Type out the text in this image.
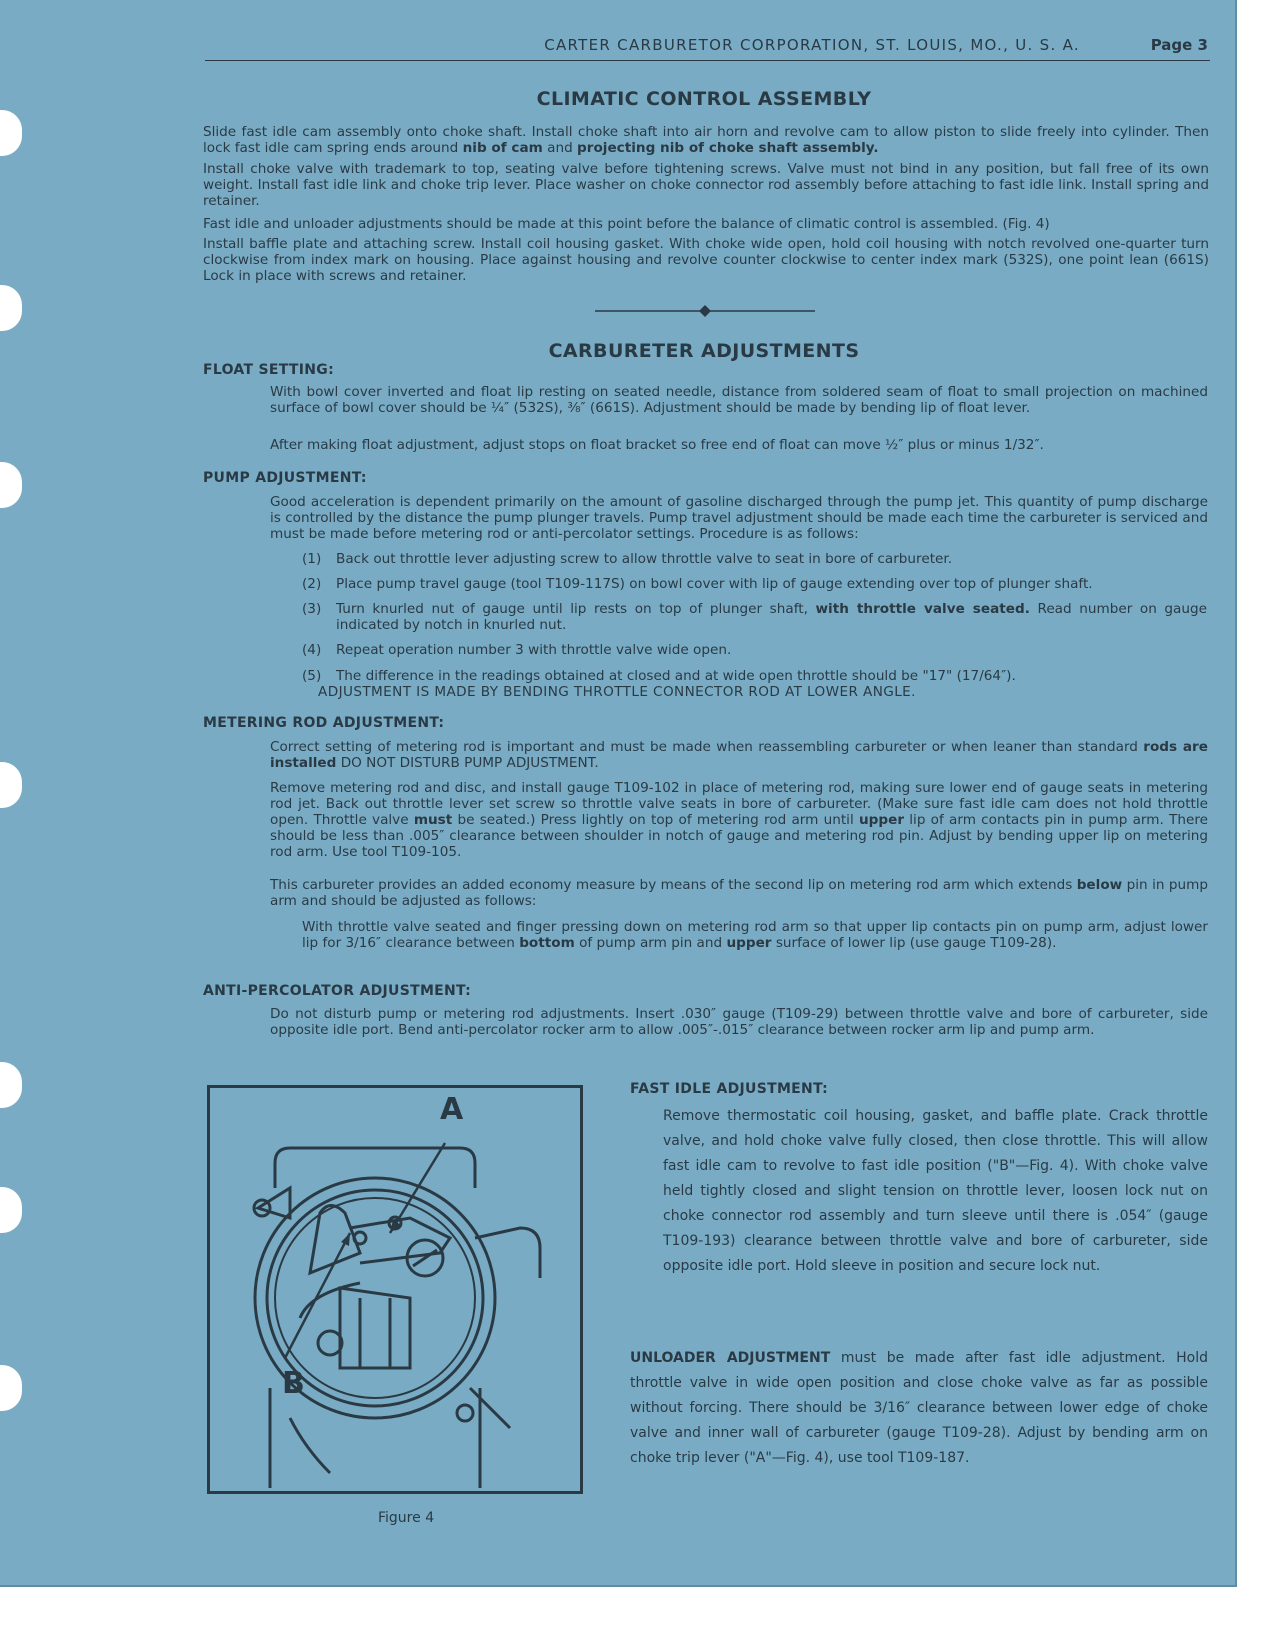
CARTER CARBURETOR CORPORATION, ST. LOUIS, MO., U. S. A.	Page 3
CLIMATIC CONTROL ASSEMBLY

Slide fast idle cam assembly onto choke shaft. Install choke shaft into air horn and revolve cam to allow piston to slide freely into cylinder. Then lock fast idle cam spring ends around nib of cam and projecting nib of choke shaft assembly.

Install choke valve with trademark to top, seating valve before tightening screws. Valve must not bind in any position, but fall free of its own weight. Install fast idle link and choke trip lever. Place washer on choke connector rod assembly before attaching to fast idle link. Install spring and retainer.

Fast idle and unloader adjustments should be made at this point before the balance of climatic control is assembled. (Fig. 4)

Install baffle plate and attaching screw. Install coil housing gasket. With choke wide open, hold coil housing with notch revolved one-quarter turn clockwise from index mark on housing. Place against housing and revolve counter clockwise to center index mark (532S), one point lean (661S) Lock in place with screws and retainer.

CARBURETER ADJUSTMENTS
FLOAT SETTING:

With bowl cover inverted and float lip resting on seated needle, distance from soldered seam of float to small projection on machined surface of bowl cover should be ¼″ (532S), ⅜″ (661S). Adjustment should be made by bending lip of float lever.

After making float adjustment, adjust stops on float bracket so free end of float can move ½″ plus or minus 1/32″.

PUMP ADJUSTMENT:

Good acceleration is dependent primarily on the amount of gasoline discharged through the pump jet. This quantity of pump discharge is controlled by the distance the pump plunger travels. Pump travel adjustment should be made each time the carbureter is serviced and must be made before metering rod or anti-percolator settings. Procedure is as follows:

(1)	Back out throttle lever adjusting screw to allow throttle valve to seat in bore of carbureter.
(2)	Place pump travel gauge (tool T109-117S) on bowl cover with lip of gauge extending over top of plunger shaft.
(3)	Turn knurled nut of gauge until lip rests on top of plunger shaft, with throttle valve seated. Read number on gauge indicated by notch in knurled nut.
(4)	Repeat operation number 3 with throttle valve wide open.
(5)	The difference in the readings obtained at closed and at wide open throttle should be "17" (17/64″).
ADJUSTMENT IS MADE BY BENDING THROTTLE CONNECTOR ROD AT LOWER ANGLE.
METERING ROD ADJUSTMENT:

Correct setting of metering rod is important and must be made when reassembling carbureter or when leaner than standard rods are installed DO NOT DISTURB PUMP ADJUSTMENT.

Remove metering rod and disc, and install gauge T109-102 in place of metering rod, making sure lower end of gauge seats in metering rod jet. Back out throttle lever set screw so throttle valve seats in bore of carbureter. (Make sure fast idle cam does not hold throttle open. Throttle valve must be seated.) Press lightly on top of metering rod arm until upper lip of arm contacts pin in pump arm. There should be less than .005″ clearance between shoulder in notch of gauge and metering rod pin. Adjust by bending upper lip on metering rod arm. Use tool T109-105.

This carbureter provides an added economy measure by means of the second lip on metering rod arm which extends below pin in pump arm and should be adjusted as follows:

With throttle valve seated and finger pressing down on metering rod arm so that upper lip contacts pin on pump arm, adjust lower lip for 3/16″ clearance between bottom of pump arm pin and upper surface of lower lip (use gauge T109-28).

ANTI-PERCOLATOR ADJUSTMENT:

Do not disturb pump or metering rod adjustments. Insert .030″ gauge (T109-29) between throttle valve and bore of carbureter, side opposite idle port. Bend anti-percolator rocker arm to allow .005″-.015″ clearance between rocker arm lip and pump arm.

A
B
Figure 4
FAST IDLE ADJUSTMENT:

Remove thermostatic coil housing, gasket, and baffle plate. Crack throttle valve, and hold choke valve fully closed, then close throttle. This will allow fast idle cam to revolve to fast idle position ("B"—Fig. 4). With choke valve held tightly closed and slight tension on throttle lever, loosen lock nut on choke connector rod assembly and turn sleeve until there is .054″ (gauge T109-193) clearance between throttle valve and bore of carbureter, side opposite idle port. Hold sleeve in position and secure lock nut.

UNLOADER ADJUSTMENT must be made after fast idle adjustment. Hold throttle valve in wide open position and close choke valve as far as possible without forcing. There should be 3/16″ clearance between lower edge of choke valve and inner wall of carbureter (gauge T109-28). Adjust by bending arm on choke trip lever ("A"—Fig. 4), use tool T109-187.
